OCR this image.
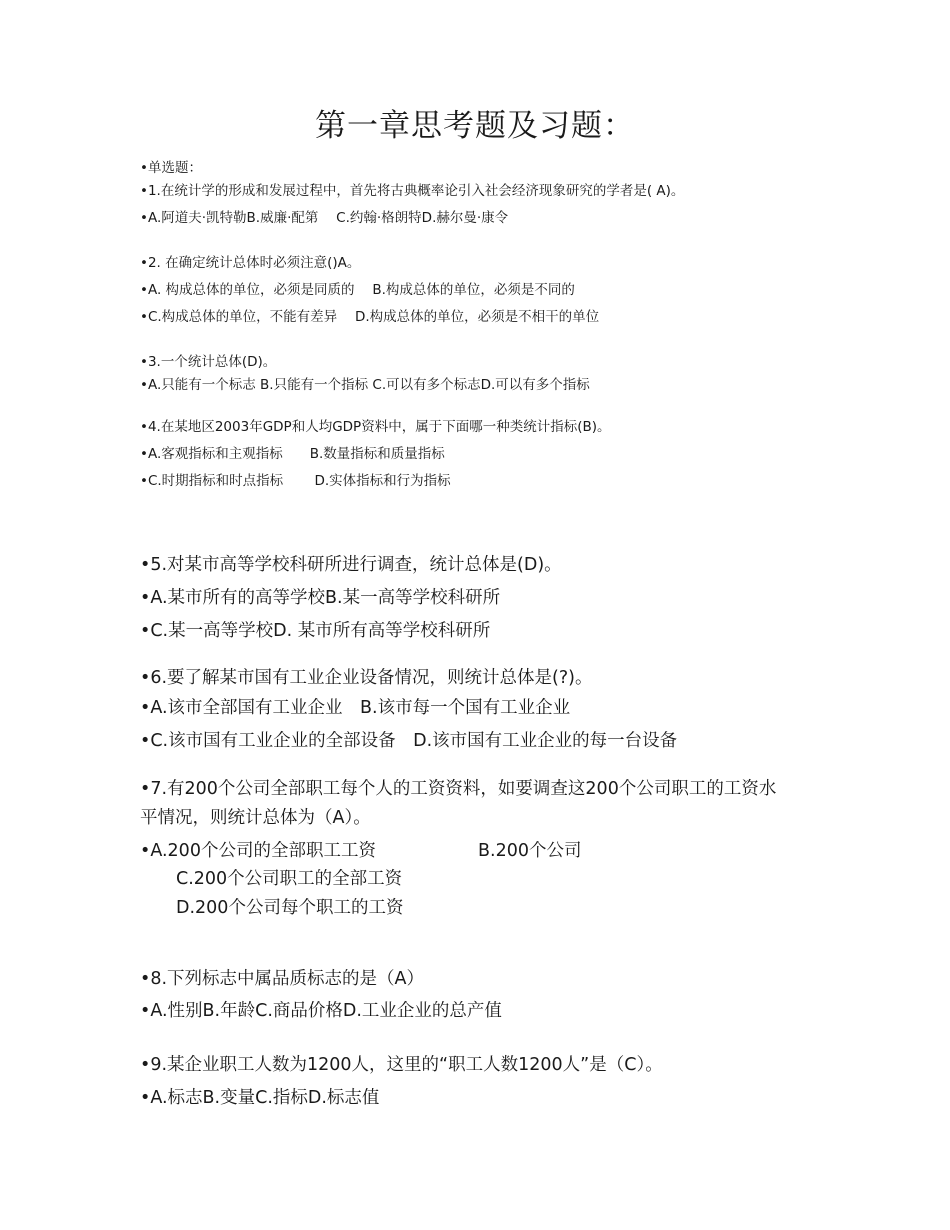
第一章思考题及习题：

•单选题：

•1.在统计学的形成和发展过程中，首先将古典概率论引入社会经济现象研究的学者是( A)。

•A.阿道夫·凯特勒B.威廉·配第　 C.约翰·格朗特D.赫尔曼·康令

•2. 在确定统计总体时必须注意()A。

•A. 构成总体的单位，必须是同质的　 B.构成总体的单位，必须是不同的

•C.构成总体的单位，不能有差异　 D.构成总体的单位，必须是不相干的单位

•3.一个统计总体(D)。

•A.只能有一个标志 B.只能有一个指标 C.可以有多个标志D.可以有多个指标

•4.在某地区2003年GDP和人均GDP资料中，属于下面哪一种类统计指标(B)。

•A.客观指标和主观指标　　B.数量指标和质量指标

•C.时期指标和时点指标　　 D.实体指标和行为指标

•5.对某市高等学校科研所进行调查，统计总体是(D)。

•A.某市所有的高等学校B.某一高等学校科研所

•C.某一高等学校D. 某市所有高等学校科研所

•6.要了解某市国有工业企业设备情况，则统计总体是(?)。

•A.该市全部国有工业企业　B.该市每一个国有工业企业

•C.该市国有工业企业的全部设备　D.该市国有工业企业的每一台设备

•7.有200个公司全部职工每个人的工资资料，如要调查这200个公司职工的工资水

平情况，则统计总体为（A）。

•A.200个公司的全部职工工资	B.200个公司

C.200个公司职工的全部工资

D.200个公司每个职工的工资

•8.下列标志中属品质标志的是（A）

•A.性别B.年龄C.商品价格D.工业企业的总产值

•9.某企业职工人数为1200人，这里的“职工人数1200人”是（C）。

•A.标志B.变量C.指标D.标志值
